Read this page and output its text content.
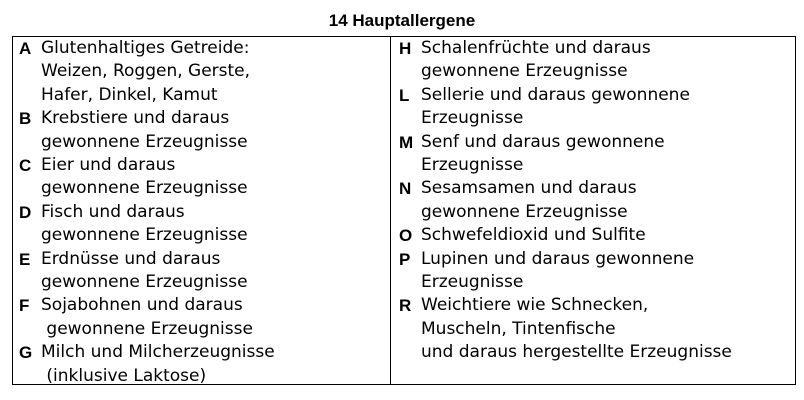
14 Hauptallergene
A Glutenhaltiges Getreide:
Weizen, Roggen, Gerste,
Hafer, Dinkel, Kamut
B Krebstiere und daraus
gewonnene Erzeugnisse
C Eier und daraus
gewonnene Erzeugnisse
D Fisch und daraus
gewonnene Erzeugnisse
E Erdnüsse und daraus
gewonnene Erzeugnisse
F Sojabohnen und daraus
gewonnene Erzeugnisse
G Milch und Milcherzeugnisse
(inklusive Laktose)
H Schalenfrüchte und daraus
gewonnene Erzeugnisse
L Sellerie und daraus gewonnene
Erzeugnisse
M Senf und daraus gewonnene
Erzeugnisse
N Sesamsamen und daraus
gewonnene Erzeugnisse
O Schwefeldioxid und Sulfite
P Lupinen und daraus gewonnene
Erzeugnisse
R Weichtiere wie Schnecken,
Muscheln, Tintenfische
und daraus hergestellte Erzeugnisse
